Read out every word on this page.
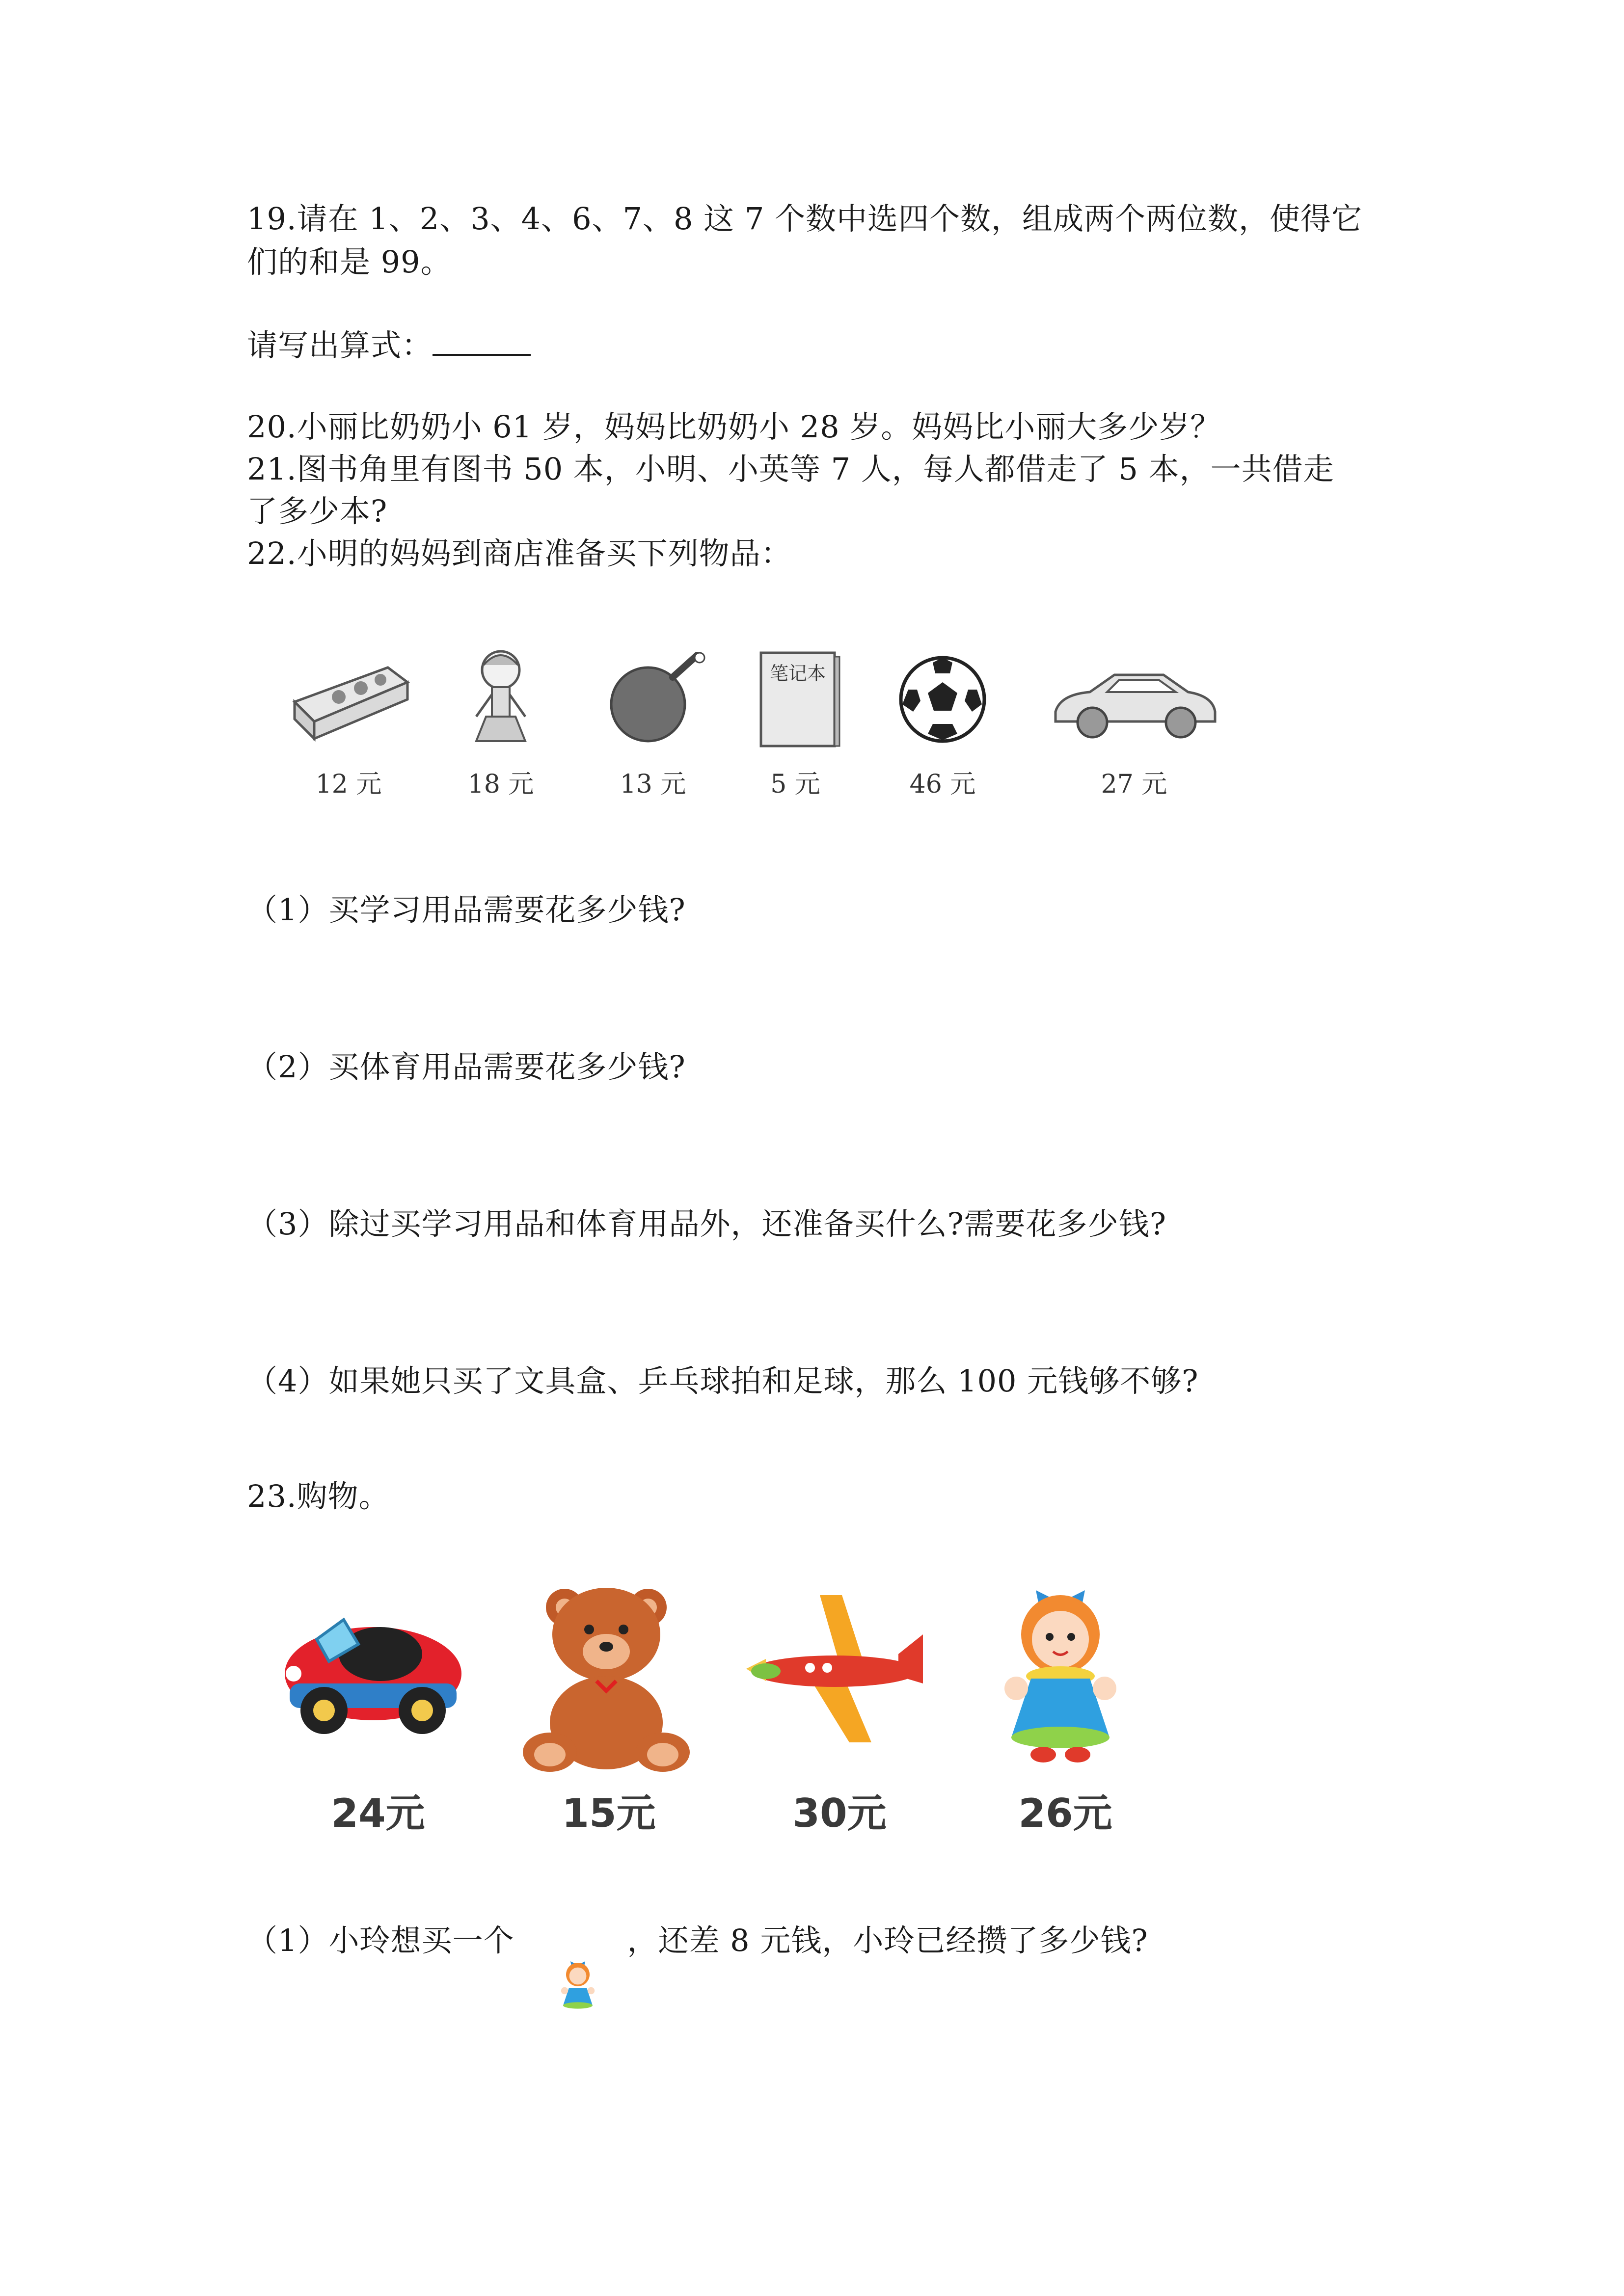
19.请在 1、2、3、4、6、7、8 这 7 个数中选四个数，组成两个两位数，使得它
们的和是 99。
请写出算式：
20.小丽比奶奶小 61 岁，妈妈比奶奶小 28 岁。妈妈比小丽大多少岁？
21.图书角里有图书 50 本，小明、小英等 7 人，每人都借走了 5 本，一共借走
了多少本?
22.小明的妈妈到商店准备买下列物品：
12 元	18 元	13 元
笔记本
5 元	46 元	27 元
（1）买学习用品需要花多少钱?
（2）买体育用品需要花多少钱?
（3）除过买学习用品和体育用品外，还准备买什么?需要花多少钱?
（4）如果她只买了文具盒、乒乓球拍和足球，那么 100 元钱够不够?
23.购物。
24元	15元	30元	26元
（1）小玲想买一个	，还差 8 元钱，小玲已经攒了多少钱?
